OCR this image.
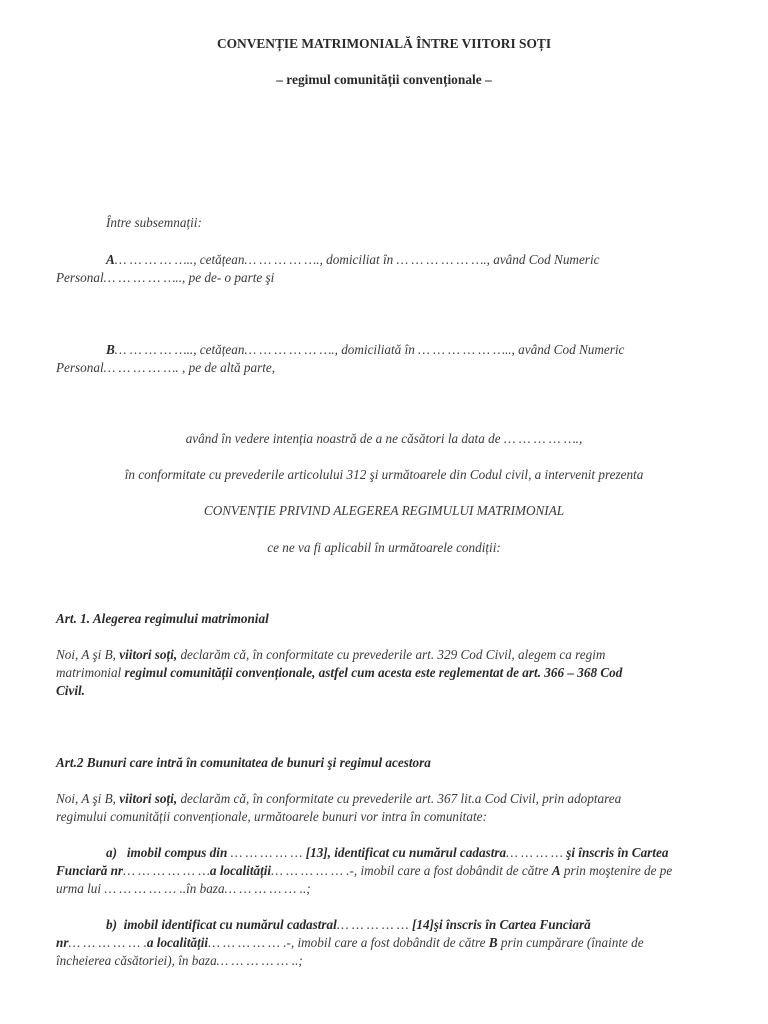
CONVENȚIE MATRIMONIALĂ ÎNTRE VIITORI SOȚI
– regimul comunității convenționale –
Între subsemnații:
A… … … … ….., cetățean… … … … …., domiciliat în … … … … … …., având Cod Numeric
Personal… … … … ….., pe de- o parte şi
B… … … … ….., cetățean… … … … … …., domiciliată în … … … … … ….., având Cod Numeric
Personal… … … … …. , pe de altă parte,
având în vedere intenția noastră de a ne căsători la data de … … … … ….,
în conformitate cu prevederile articolului 312 şi următoarele din Codul civil, a intervenit prezenta
CONVENȚIE PRIVIND ALEGEREA REGIMULUI MATRIMONIAL
ce ne va fi aplicabil în următoarele condiții:
Art. 1. Alegerea regimului matrimonial
Noi, A şi B, viitori soți, declarăm că, în conformitate cu prevederile art. 329 Cod Civil, alegem ca regim
matrimonial regimul comunității convenționale, astfel cum acesta este reglementat de art. 366 – 368 Cod
Civil.
Art.2 Bunuri care intră în comunitatea de bunuri şi regimul acestora
Noi, A şi B, viitori soți, declarăm că, în conformitate cu prevederile art. 367 lit.a Cod Civil, prin adoptarea
regimului comunității convenționale, următoarele bunuri vor intra în comunitate:
a) imobil compus din … … … … … [13], identificat cu numărul cadastra… … … … şi înscris în Cartea
Funciară nr… … … … … …a localității… … … … … .-, imobil care a fost dobândit de către A prin moştenire de pe
urma lui … … … … … ..în baza… … … … … ..;
b) imobil identificat cu numărul cadastral… … … … … [14]şi înscris în Cartea Funciară
nr… … … … … .a localității… … … … … .-, imobil care a fost dobândit de către B prin cumpărare (înainte de
încheierea căsătoriei), în baza… … … … … ..;
